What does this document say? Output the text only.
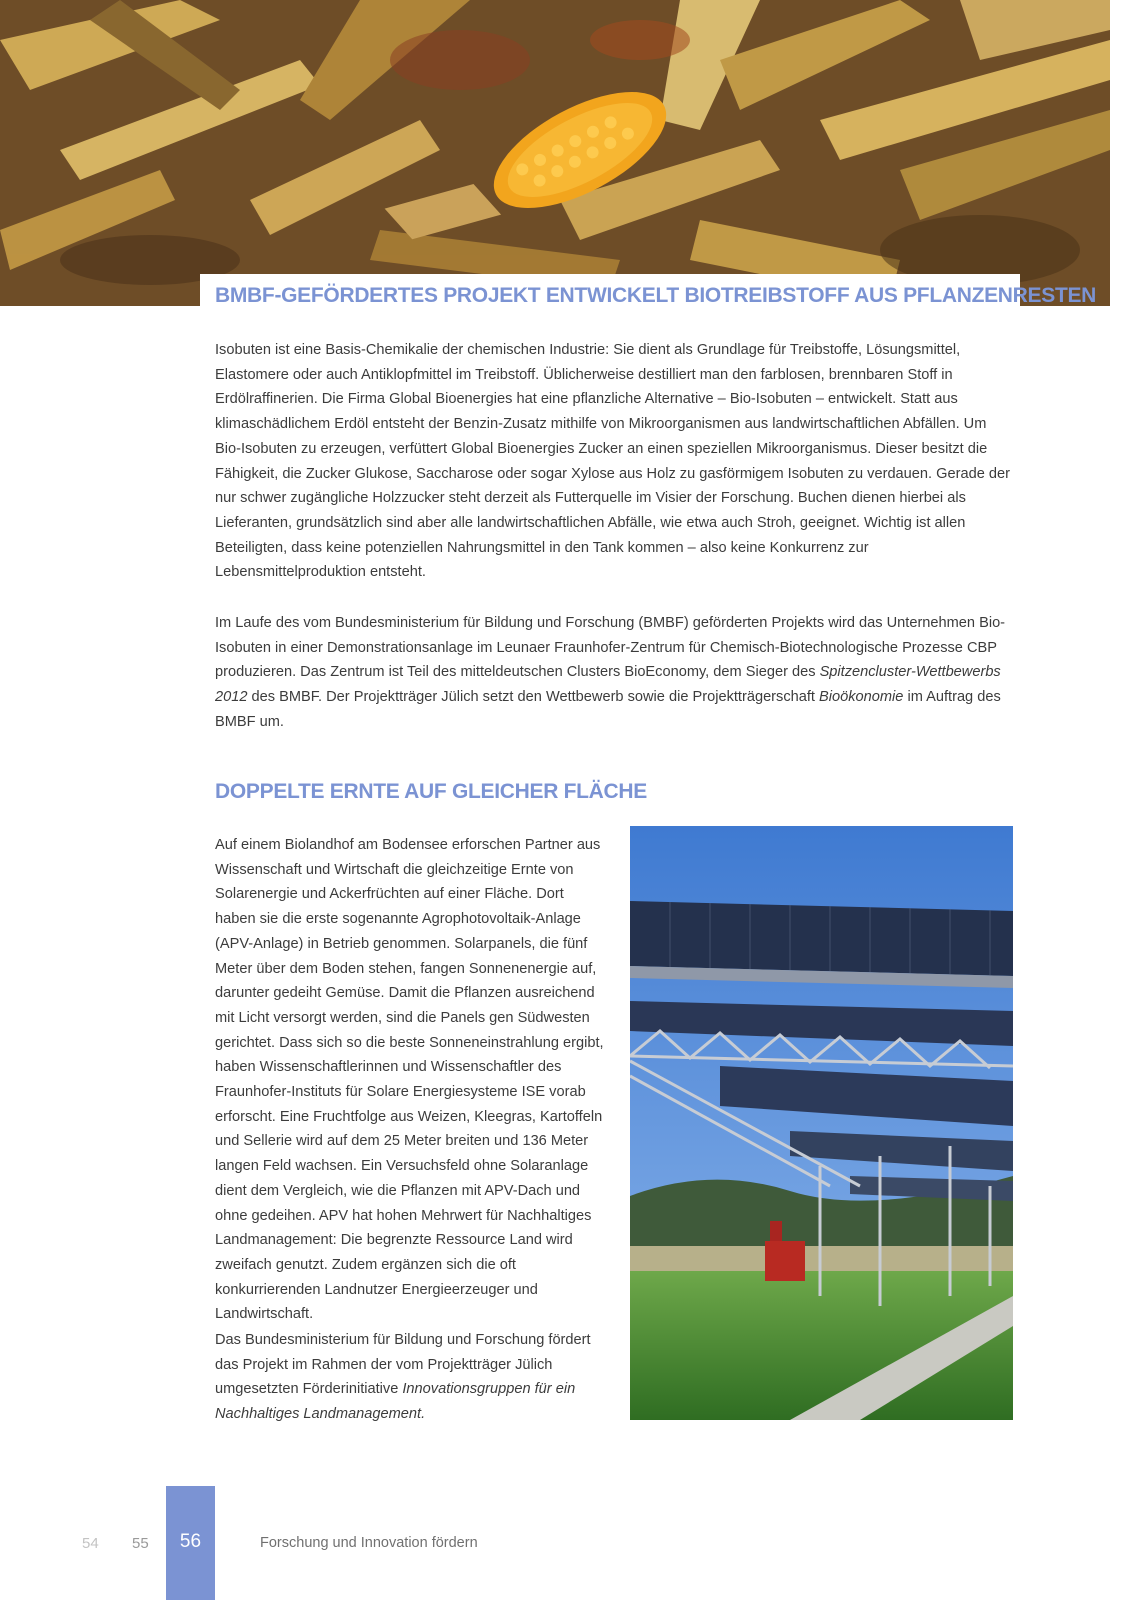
BMBF-GEFÖRDERTES PROJEKT ENTWICKELT BIOTREIBSTOFF AUS PFLANZENRESTEN

Isobuten ist eine Basis-Chemikalie der chemischen Industrie: Sie dient als Grundlage für Treibstoffe, Lösungsmittel, Elastomere oder auch Antiklopfmittel im Treibstoff. Üblicherweise destilliert man den farblosen, brennbaren Stoff in Erdölraffinerien. Die Firma Global Bioenergies hat eine pflanzliche Alternative – Bio-Isobuten – entwickelt. Statt aus klimaschädlichem Erdöl entsteht der Benzin-Zusatz mithilfe von Mikroorganismen aus landwirtschaftlichen Abfällen. Um Bio-Isobuten zu erzeugen, verfüttert Global Bioenergies Zucker an einen speziellen Mikroorganismus. Dieser besitzt die Fähigkeit, die Zucker Glukose, Saccharose oder sogar Xylose aus Holz zu gasförmigem Isobuten zu verdauen. Gerade der nur schwer zugängliche Holzzucker steht derzeit als Futterquelle im Visier der Forschung. Buchen dienen hierbei als Lieferanten, grundsätzlich sind aber alle landwirtschaftlichen Abfälle, wie etwa auch Stroh, geeignet. Wichtig ist allen Beteiligten, dass keine potenziellen Nahrungsmittel in den Tank kommen – also keine Konkurrenz zur Lebensmittelproduktion entsteht.

Im Laufe des vom Bundesministerium für Bildung und Forschung (BMBF) geförderten Projekts wird das Unternehmen Bio-Isobuten in einer Demonstrationsanlage im Leunaer Fraunhofer-Zentrum für Chemisch-Biotechnologische Prozesse CBP produzieren. Das Zentrum ist Teil des mitteldeutschen Clusters BioEconomy, dem Sieger des Spitzencluster-Wettbewerbs 2012 des BMBF. Der Projektträger Jülich setzt den Wettbewerb sowie die Projektträgerschaft Bioökonomie im Auftrag des BMBF um.

DOPPELTE ERNTE AUF GLEICHER FLÄCHE

Auf einem Biolandhof am Bodensee erforschen Partner aus Wissenschaft und Wirtschaft die gleichzeitige Ernte von Solarenergie und Ackerfrüchten auf einer Fläche. Dort haben sie die erste sogenannte Agrophotovoltaik-Anlage (APV-Anlage) in Betrieb genommen. Solarpanels, die fünf Meter über dem Boden stehen, fangen Sonnenenergie auf, darunter gedeiht Gemüse. Damit die Pflanzen ausreichend mit Licht versorgt werden, sind die Panels gen Südwesten gerichtet. Dass sich so die beste Sonneneinstrahlung ergibt, haben Wissenschaftlerinnen und Wissenschaftler des Fraunhofer-Instituts für Solare Energiesysteme ISE vorab erforscht. Eine Fruchtfolge aus Weizen, Kleegras, Kartoffeln und Sellerie wird auf dem 25 Meter breiten und 136 Meter langen Feld wachsen. Ein Versuchsfeld ohne Solaranlage dient dem Vergleich, wie die Pflanzen mit APV-Dach und ohne gedeihen. APV hat hohen Mehrwert für Nachhaltiges Landmanagement: Die begrenzte Ressource Land wird zweifach genutzt. Zudem ergänzen sich die oft konkurrierenden Landnutzer Energieerzeuger und Landwirtschaft.

Das Bundesministerium für Bildung und Forschung fördert das Projekt im Rahmen der vom Projektträger Jülich umgesetzten Förderinitiative Innovationsgruppen für ein Nachhaltiges Landmanagement.

54 55	56	Forschung und Innovation fördern
